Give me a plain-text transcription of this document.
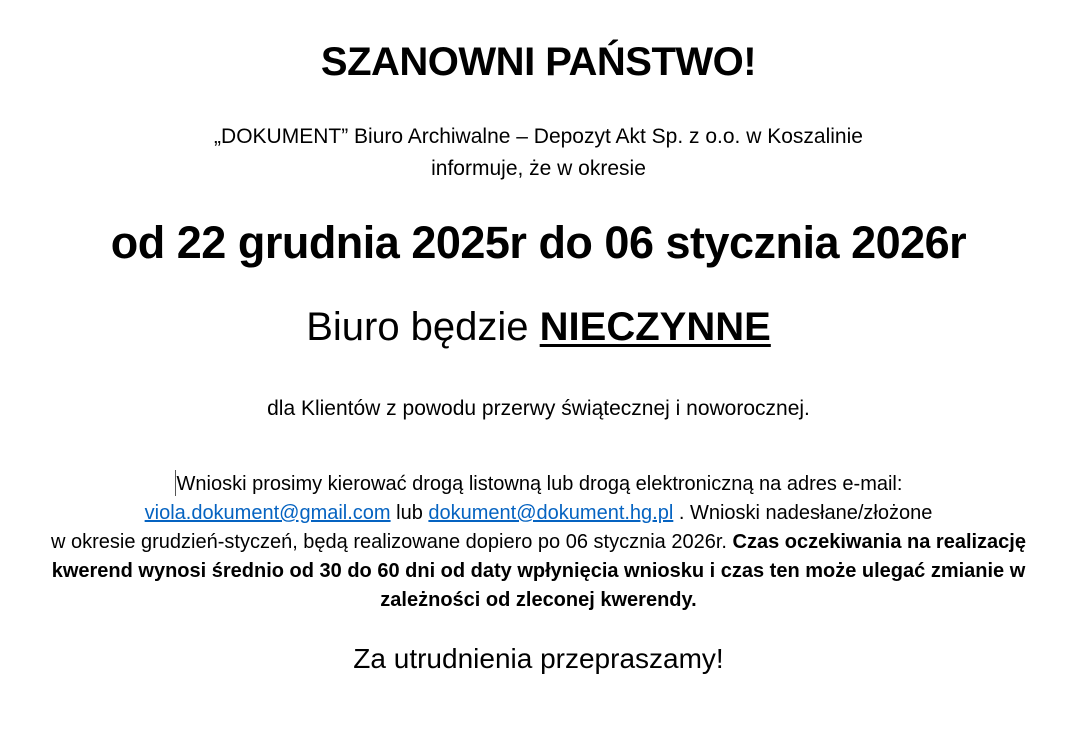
SZANOWNI PAŃSTWO!
„DOKUMENT” Biuro Archiwalne – Depozyt Akt Sp. z o.o. w Koszalinie
informuje, że w okresie
od 22 grudnia 2025r do 06 stycznia 2026r
Biuro będzie NIECZYNNE
dla Klientów z powodu przerwy świątecznej i noworocznej.
Wnioski prosimy kierować drogą listowną lub drogą elektroniczną na adres e-mail:
viola.dokument@gmail.com lub dokument@dokument.hg.pl . Wnioski nadesłane/złożone
w okresie grudzień-styczeń, będą realizowane dopiero po 06 stycznia 2026r. Czas oczekiwania na realizację kwerend wynosi średnio od 30 do 60 dni od daty wpłynięcia wniosku i czas ten może ulegać zmianie w zależności od zleconej kwerendy.
Za utrudnienia przepraszamy!
